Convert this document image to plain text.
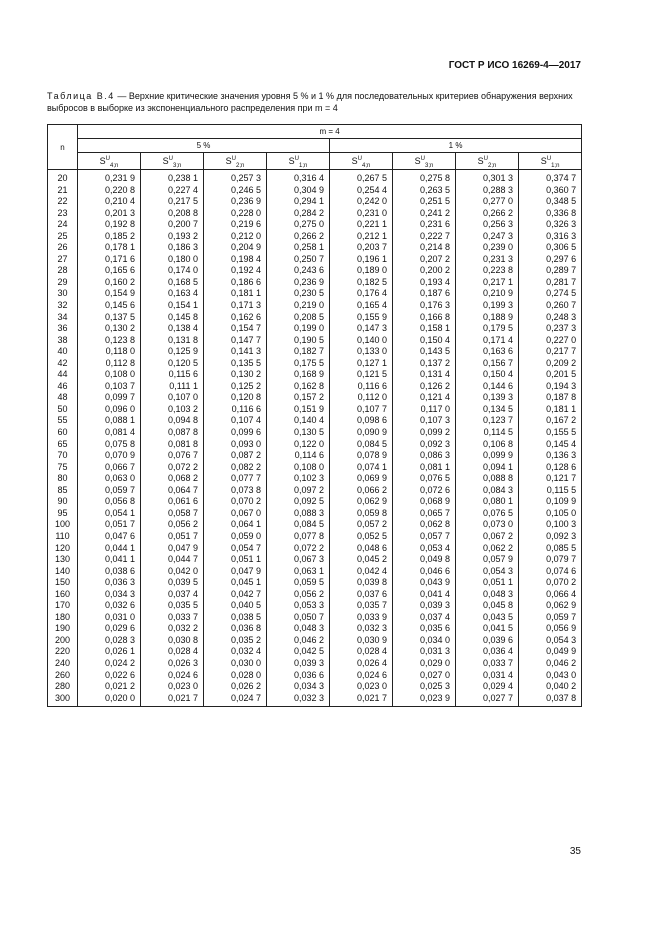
ГОСТ Р ИСО 16269-4—2017
Таблица В.4 — Верхние критические значения уровня 5 % и 1 % для последовательных критериев обнаружения верхних выбросов в выборке из экспоненциального распределения при m = 4
n	m = 4							
	5 %				1 %			
	$S^U_{4;n}$	$S^U_{3;n}$	$S^U_{2;n}$	$S^U_{1;n}$	$S^U_{4;n}$	$S^U_{3;n}$	$S^U_{2;n}$	$S^U_{1;n}$
20	0,231 9	0,238 1	0,257 3	0,316 4	0,267 5	0,275 8	0,301 3	0,374 7
21	0,220 8	0,227 4	0,246 5	0,304 9	0,254 4	0,263 5	0,288 3	0,360 7
22	0,210 4	0,217 5	0,236 9	0,294 1	0,242 0	0,251 5	0,277 0	0,348 5
23	0,201 3	0,208 8	0,228 0	0,284 2	0,231 0	0,241 2	0,266 2	0,336 8
24	0,192 8	0,200 7	0,219 6	0,275 0	0,221 1	0,231 6	0,256 3	0,326 3
25	0,185 2	0,193 2	0,212 0	0,266 2	0,212 1	0,222 7	0,247 3	0,316 3
26	0,178 1	0,186 3	0,204 9	0,258 1	0,203 7	0,214 8	0,239 0	0,306 5
27	0,171 6	0,180 0	0,198 4	0,250 7	0,196 1	0,207 2	0,231 3	0,297 6
28	0,165 6	0,174 0	0,192 4	0,243 6	0,189 0	0,200 2	0,223 8	0,289 7
29	0,160 2	0,168 5	0,186 6	0,236 9	0,182 5	0,193 4	0,217 1	0,281 7
30	0,154 9	0,163 4	0,181 1	0,230 5	0,176 4	0,187 6	0,210 9	0,274 5
32	0,145 6	0,154 1	0,171 3	0,219 0	0,165 4	0,176 3	0,199 3	0,260 7
34	0,137 5	0,145 8	0,162 6	0,208 5	0,155 9	0,166 8	0,188 9	0,248 3
36	0,130 2	0,138 4	0,154 7	0,199 0	0,147 3	0,158 1	0,179 5	0,237 3
38	0,123 8	0,131 8	0,147 7	0,190 5	0,140 0	0,150 4	0,171 4	0,227 0
40	0,118 0	0,125 9	0,141 3	0,182 7	0,133 0	0,143 5	0,163 6	0,217 7
42	0,112 8	0,120 5	0,135 5	0,175 5	0,127 1	0,137 2	0,156 7	0,209 2
44	0,108 0	0,115 6	0,130 2	0,168 9	0,121 5	0,131 4	0,150 4	0,201 5
46	0,103 7	0,111 1	0,125 2	0,162 8	0,116 6	0,126 2	0,144 6	0,194 3
48	0,099 7	0,107 0	0,120 8	0,157 2	0,112 0	0,121 4	0,139 3	0,187 8
50	0,096 0	0,103 2	0,116 6	0,151 9	0,107 7	0,117 0	0,134 5	0,181 1
55	0,088 1	0,094 8	0,107 4	0,140 4	0,098 6	0,107 3	0,123 7	0,167 2
60	0,081 4	0,087 8	0,099 6	0,130 5	0,090 9	0,099 2	0,114 5	0,155 5
65	0,075 8	0,081 8	0,093 0	0,122 0	0,084 5	0,092 3	0,106 8	0,145 4
70	0,070 9	0,076 7	0,087 2	0,114 6	0,078 9	0,086 3	0,099 9	0,136 3
75	0,066 7	0,072 2	0,082 2	0,108 0	0,074 1	0,081 1	0,094 1	0,128 6
80	0,063 0	0,068 2	0,077 7	0,102 3	0,069 9	0,076 5	0,088 8	0,121 7
85	0,059 7	0,064 7	0,073 8	0,097 2	0,066 2	0,072 6	0,084 3	0,115 5
90	0,056 8	0,061 6	0,070 2	0,092 5	0,062 9	0,068 9	0,080 1	0,109 9
95	0,054 1	0,058 7	0,067 0	0,088 3	0,059 8	0,065 7	0,076 5	0,105 0
100	0,051 7	0,056 2	0,064 1	0,084 5	0,057 2	0,062 8	0,073 0	0,100 3
110	0,047 6	0,051 7	0,059 0	0,077 8	0,052 5	0,057 7	0,067 2	0,092 3
120	0,044 1	0,047 9	0,054 7	0,072 2	0,048 6	0,053 4	0,062 2	0,085 5
130	0,041 1	0,044 7	0,051 1	0,067 3	0,045 2	0,049 8	0,057 9	0,079 7
140	0,038 6	0,042 0	0,047 9	0,063 1	0,042 4	0,046 6	0,054 3	0,074 6
150	0,036 3	0,039 5	0,045 1	0,059 5	0,039 8	0,043 9	0,051 1	0,070 2
160	0,034 3	0,037 4	0,042 7	0,056 2	0,037 6	0,041 4	0,048 3	0,066 4
170	0,032 6	0,035 5	0,040 5	0,053 3	0,035 7	0,039 3	0,045 8	0,062 9
180	0,031 0	0,033 7	0,038 5	0,050 7	0,033 9	0,037 4	0,043 5	0,059 7
190	0,029 6	0,032 2	0,036 8	0,048 3	0,032 3	0,035 6	0,041 5	0,056 9
200	0,028 3	0,030 8	0,035 2	0,046 2	0,030 9	0,034 0	0,039 6	0,054 3
220	0,026 1	0,028 4	0,032 4	0,042 5	0,028 4	0,031 3	0,036 4	0,049 9
240	0,024 2	0,026 3	0,030 0	0,039 3	0,026 4	0,029 0	0,033 7	0,046 2
260	0,022 6	0,024 6	0,028 0	0,036 6	0,024 6	0,027 0	0,031 4	0,043 0
280	0,021 2	0,023 0	0,026 2	0,034 3	0,023 0	0,025 3	0,029 4	0,040 2
300	0,020 0	0,021 7	0,024 7	0,032 3	0,021 7	0,023 9	0,027 7	0,037 8
35
